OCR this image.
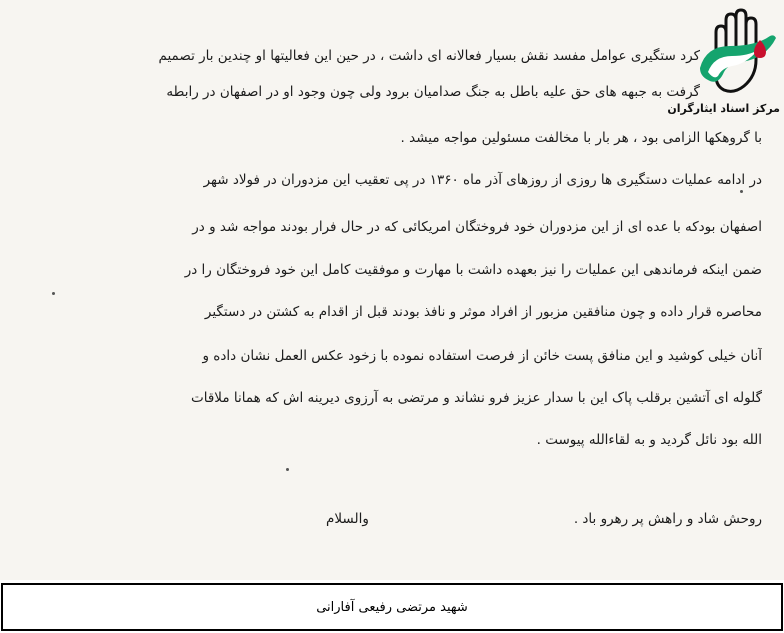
مرکز اسناد ایثارگران
کرد ستگیری عوامل مفسد نقش بسیار فعالانه ای داشت ، در حین این فعالیتها او چندین بار تصمیم
گرفت به جبهه های حق علیه باطل به جنگ صدامیان برود ولی چون وجود او در اصفهان در رابطه
با گروهکها الزامی بود ، هر بار با مخالفت مسئولین مواجه میشد .
در ادامه عملیات دستگیری ها روزی از روزهای آذر ماه ۱۳۶۰ در پی تعقیب این مزدوران در فولاد شهر
اصفهان بودکه با عده ای از این مزدوران خود فروختگان امریکائی که در حال فرار بودند مواجه شد و در
ضمن اینکه فرماندهی این عملیات را نیز بعهده داشت با مهارت و موفقیت کامل این خود فروختگان را در
محاصره قرار داده و چون منافقین مزبور از افراد موثر و نافذ بودند قبل از اقدام به کشتن در دستگیر
آنان خیلی کوشید و این منافق پست خائن از فرصت استفاده نموده با زخود عکس العمل نشان داده و
گلوله ای آتشین برقلب پاک این با سدار عزیز فرو نشاند و مرتضی به آرزوی دیرینه اش که همانا ملاقات
الله بود نائل گردید و به لقاءالله پیوست .
روحش شاد و راهش پر رهرو باد .
والسلام
شهید مرتضی رفیعی آفارانی
